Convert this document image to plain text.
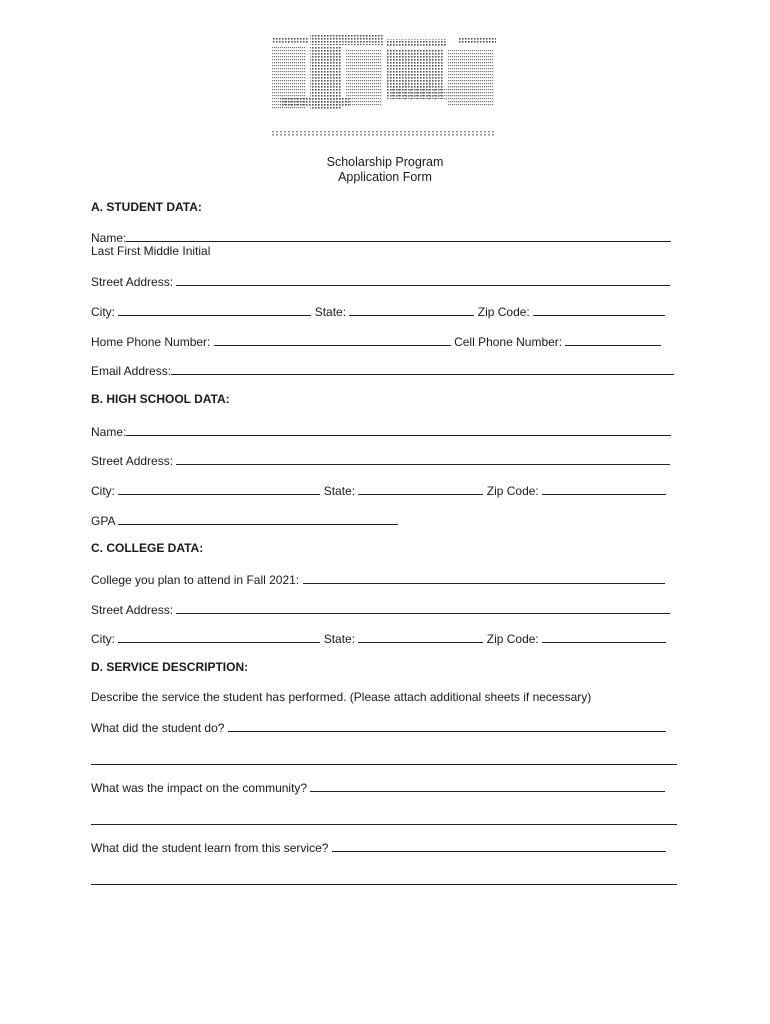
Scholarship Program
Application Form
A. STUDENT DATA:
Name:
Last First Middle Initial
Street Address:
City:	State:	Zip Code:
Home Phone Number:	Cell Phone Number:
Email Address:
B. HIGH SCHOOL DATA:
Name:
Street Address:
City:	State:	Zip Code:
GPA
C. COLLEGE DATA:
College you plan to attend in Fall 2021:
Street Address:
City:	State:	Zip Code:
D. SERVICE DESCRIPTION:
Describe the service the student has performed. (Please attach additional sheets if necessary)
What did the student do?
What was the impact on the community?
What did the student learn from this service?
